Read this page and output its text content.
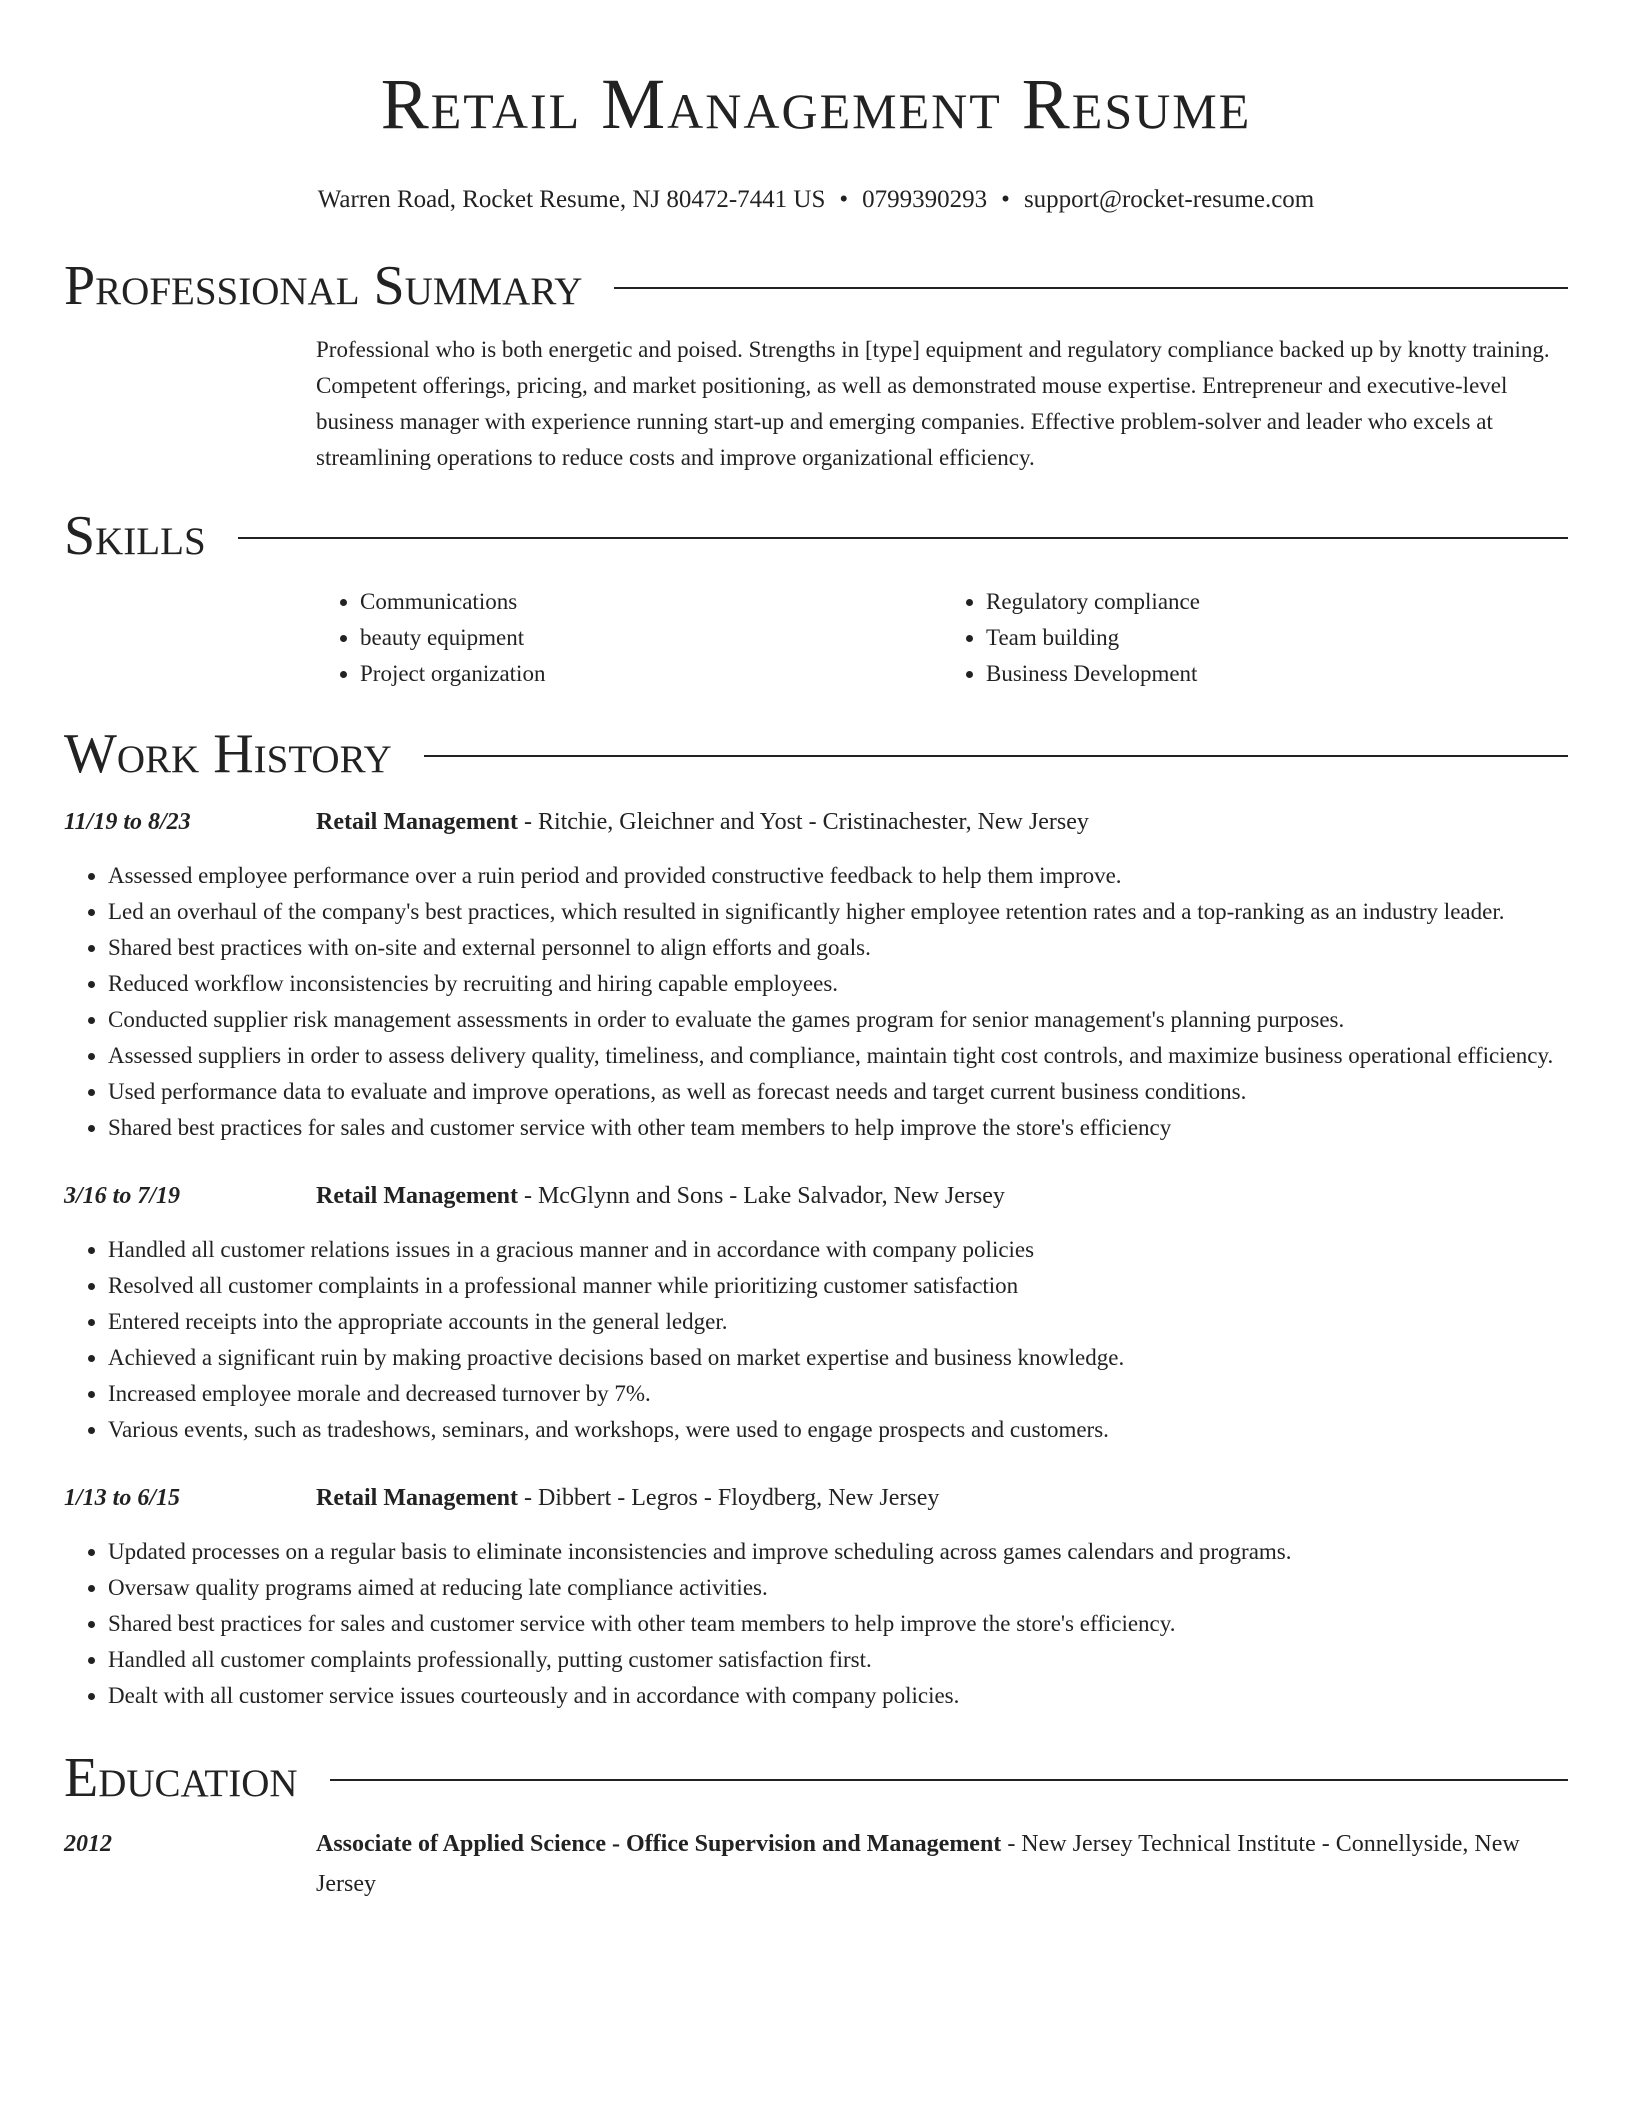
Retail Management Resume
Warren Road, Rocket Resume, NJ 80472-7441 US • 0799390293 • support@rocket-resume.com
Professional Summary
Professional who is both energetic and poised. Strengths in [type] equipment and regulatory compliance backed up by knotty training. Competent offerings, pricing, and market positioning, as well as demonstrated mouse expertise. Entrepreneur and executive-level business manager with experience running start-up and emerging companies. Effective problem-solver and leader who excels at streamlining operations to reduce costs and improve organizational efficiency.
Skills
• Communications
• beauty equipment
• Project organization
• Regulatory compliance
• Team building
• Business Development
Work History
11/19 to 8/23	Retail Management - Ritchie, Gleichner and Yost - Cristinachester, New Jersey
• Assessed employee performance over a ruin period and provided constructive feedback to help them improve.
• Led an overhaul of the company's best practices, which resulted in significantly higher employee retention rates and a top-ranking as an industry leader.
• Shared best practices with on-site and external personnel to align efforts and goals.
• Reduced workflow inconsistencies by recruiting and hiring capable employees.
• Conducted supplier risk management assessments in order to evaluate the games program for senior management's planning purposes.
• Assessed suppliers in order to assess delivery quality, timeliness, and compliance, maintain tight cost controls, and maximize business operational efficiency.
• Used performance data to evaluate and improve operations, as well as forecast needs and target current business conditions.
• Shared best practices for sales and customer service with other team members to help improve the store's efficiency
3/16 to 7/19	Retail Management - McGlynn and Sons - Lake Salvador, New Jersey
• Handled all customer relations issues in a gracious manner and in accordance with company policies
• Resolved all customer complaints in a professional manner while prioritizing customer satisfaction
• Entered receipts into the appropriate accounts in the general ledger.
• Achieved a significant ruin by making proactive decisions based on market expertise and business knowledge.
• Increased employee morale and decreased turnover by 7%.
• Various events, such as tradeshows, seminars, and workshops, were used to engage prospects and customers.
1/13 to 6/15	Retail Management - Dibbert - Legros - Floydberg, New Jersey
• Updated processes on a regular basis to eliminate inconsistencies and improve scheduling across games calendars and programs.
• Oversaw quality programs aimed at reducing late compliance activities.
• Shared best practices for sales and customer service with other team members to help improve the store's efficiency.
• Handled all customer complaints professionally, putting customer satisfaction first.
• Dealt with all customer service issues courteously and in accordance with company policies.
Education
2012	Associate of Applied Science - Office Supervision and Management - New Jersey Technical Institute - Connellyside, New Jersey
